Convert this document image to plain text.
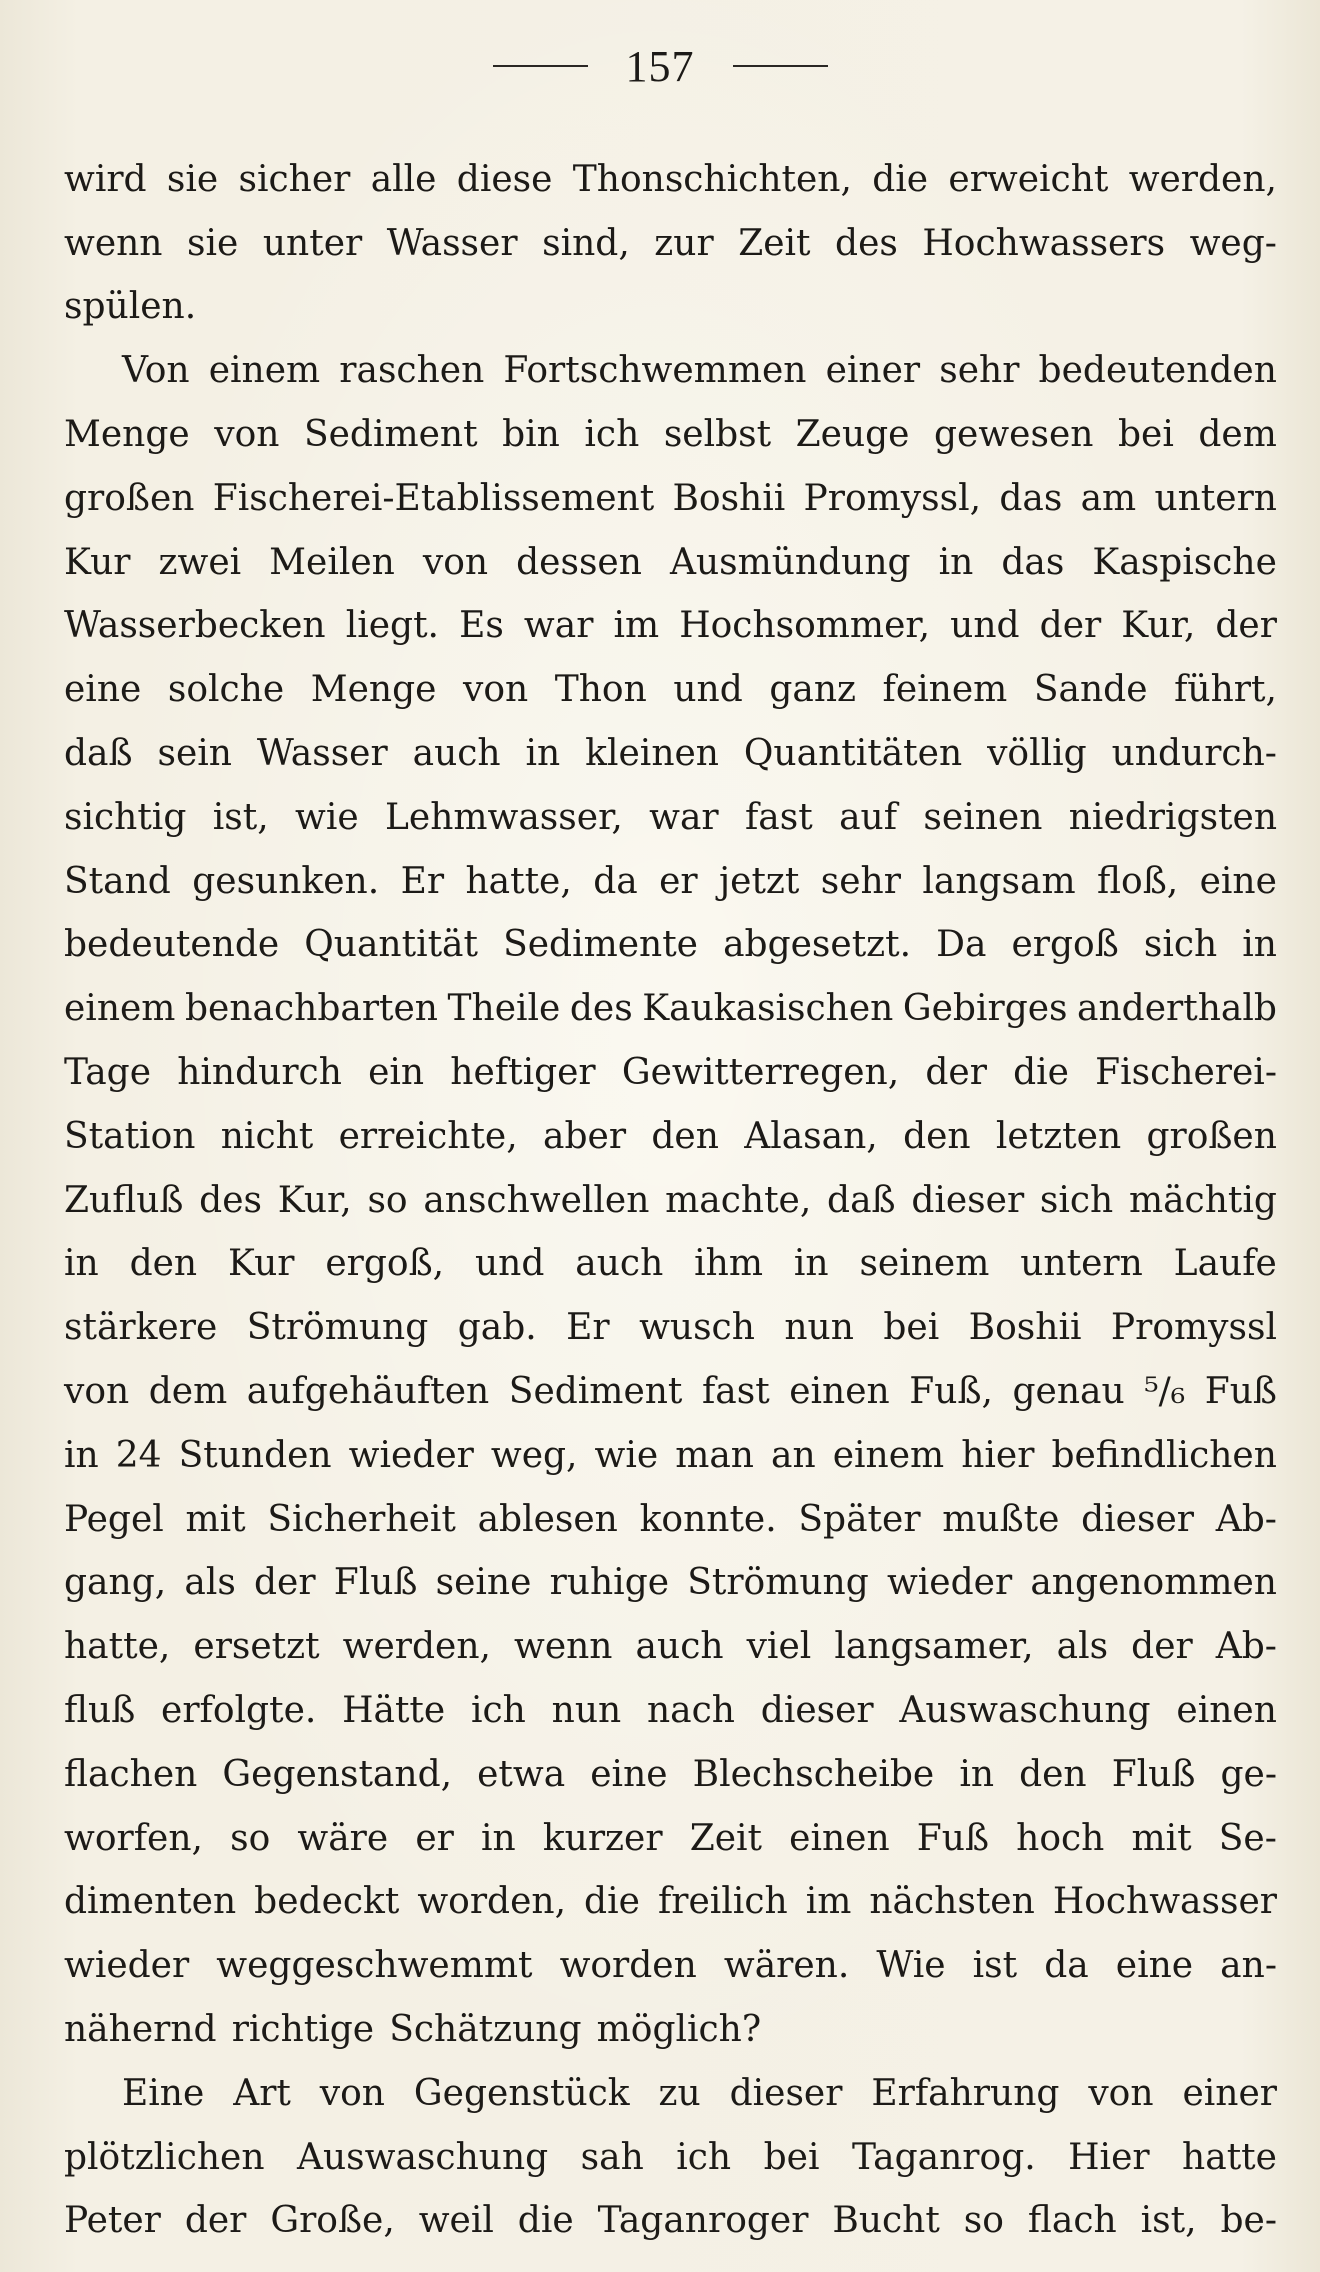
157
wird sie sicher alle diese Thonschichten, die erweicht werden,
wenn sie unter Wasser sind, zur Zeit des Hochwassers weg-
spülen.
Von einem raschen Fortschwemmen einer sehr bedeutenden
Menge von Sediment bin ich selbst Zeuge gewesen bei dem
großen Fischerei-Etablissement Boshii Promyssl, das am untern
Kur zwei Meilen von dessen Ausmündung in das Kaspische
Wasserbecken liegt. Es war im Hochsommer, und der Kur, der
eine solche Menge von Thon und ganz feinem Sande führt,
daß sein Wasser auch in kleinen Quantitäten völlig undurch-
sichtig ist, wie Lehmwasser, war fast auf seinen niedrigsten
Stand gesunken. Er hatte, da er jetzt sehr langsam floß, eine
bedeutende Quantität Sedimente abgesetzt. Da ergoß sich in
einem benachbarten Theile des Kaukasischen Gebirges anderthalb
Tage hindurch ein heftiger Gewitterregen, der die Fischerei-
Station nicht erreichte, aber den Alasan, den letzten großen
Zufluß des Kur, so anschwellen machte, daß dieser sich mächtig
in den Kur ergoß, und auch ihm in seinem untern Laufe
stärkere Strömung gab. Er wusch nun bei Boshii Promyssl
von dem aufgehäuften Sediment fast einen Fuß, genau ⁵/₆ Fuß
in 24 Stunden wieder weg, wie man an einem hier befindlichen
Pegel mit Sicherheit ablesen konnte. Später mußte dieser Ab-
gang, als der Fluß seine ruhige Strömung wieder angenommen
hatte, ersetzt werden, wenn auch viel langsamer, als der Ab-
fluß erfolgte. Hätte ich nun nach dieser Auswaschung einen
flachen Gegenstand, etwa eine Blechscheibe in den Fluß ge-
worfen, so wäre er in kurzer Zeit einen Fuß hoch mit Se-
dimenten bedeckt worden, die freilich im nächsten Hochwasser
wieder weggeschwemmt worden wären. Wie ist da eine an-
nähernd richtige Schätzung möglich?
Eine Art von Gegenstück zu dieser Erfahrung von einer
plötzlichen Auswaschung sah ich bei Taganrog. Hier hatte
Peter der Große, weil die Taganroger Bucht so flach ist, be-
